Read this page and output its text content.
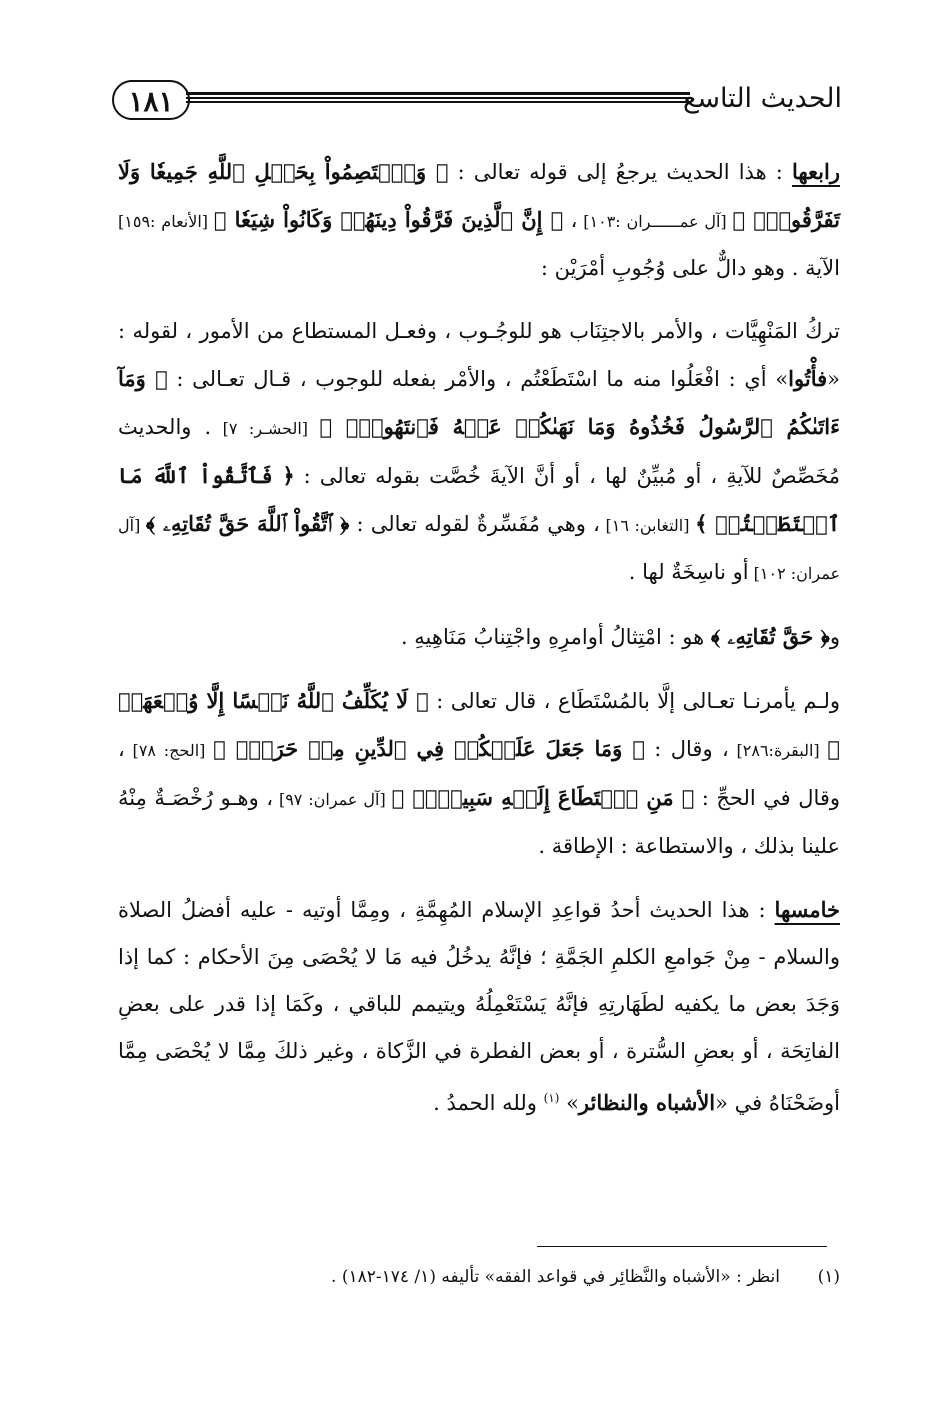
١٨١	الحديث التاسع

رابعها : هذا الحديث يرجعُ إلى قوله تعالى : ﴿ وَٱعۡتَصِمُواْ بِحَبۡلِ ٱللَّهِ جَمِيعٗا وَلَا تَفَرَّقُواْۚ ﴾ [آل عمــــــران :١٠٣] ، ﴿ إِنَّ ٱلَّذِينَ فَرَّقُواْ دِينَهُمۡ وَكَانُواْ شِيَعٗا ﴾ [الأنعام :١٥٩] الآية . وهو دالٌّ على وُجُوبِ أمْرَيْن :

تركُ المَنْهِيَّات ، والأمر بالاجتِنَاب هو للوجُـوب ، وفعـل المستطاع من الأمور ، لقوله : «فأْتُوا» أي : افْعَلُوا منه ما اسْتَطَعْتُم ، والأمْر بفعله للوجوب ، قـال تعـالى : ﴿ وَمَآ ءَاتَىٰكُمُ ٱلرَّسُولُ فَخُذُوهُ وَمَا نَهَىٰكُمۡ عَنۡهُ فَٱنتَهُواْۚ ﴾ [الحشـر: ٧] . والحديث مُخَصِّصٌ للآيةِ ، أو مُبيِّنٌ لها ، أو أنَّ الآيةَ خُصَّت بقوله تعالى : ﴿ فَٱتَّقُواْ ٱللَّهَ مَا ٱسۡتَطَعۡتُمۡ ﴾ [التغابن: ١٦] ، وهي مُفَسِّرةٌ لقوله تعالى : ﴿ ٱتَّقُواْ ٱللَّهَ حَقَّ تُقَاتِهِۦ ﴾ [آل عمران: ١٠٢] أو ناسِخَةٌ لها .

و﴿ حَقَّ تُقَاتِهِۦ ﴾ هو : امْتِثالُ أوامرِهِ واجْتِنابُ مَنَاهِيهِ .

ولـم يأمرنـا تعـالى إلَّا بالمُسْتَطَاع ، قال تعالى : ﴿ لَا يُكَلِّفُ ٱللَّهُ نَفۡسًا إِلَّا وُسۡعَهَاۚ ﴾ [البقرة:٢٨٦] ، وقال : ﴿ وَمَا جَعَلَ عَلَيۡكُمۡ فِي ٱلدِّينِ مِنۡ حَرَجٖۚ ﴾ [الحج: ٧٨] ، وقال في الحجِّ : ﴿ مَنِ ٱسۡتَطَاعَ إِلَيۡهِ سَبِيلٗاۚ ﴾ [آل عمران: ٩٧] ، وهـو رُخْصَـةٌ مِنْهُ علينا بذلك ، والاستطاعة : الإطاقة .

خامسها : هذا الحديث أحدُ قواعِدِ الإسلام المُهِمَّةِ ، ومِمَّا أوتيه - عليه أفضلُ الصلاة والسلام - مِنْ جَوامعِ الكلمِ الجَمَّةِ ؛ فإنَّهُ يدخُلُ فيه مَا لا يُحْصَى مِنَ الأحكام : كما إذا وَجَدَ بعض ما يكفيه لطَهَارتِهِ فإنَّهُ يَسْتَعْمِلُهُ ويتيمم للباقي ، وكَمَا إذا قدر على بعضِ الفاتِحَة ، أو بعضِ السُّترة ، أو بعض الفطرة في الزَّكاة ، وغير ذلكَ مِمَّا لا يُحْصَى مِمَّا أوضَحْنَاهُ في «الأشباه والنظائر» $^{(١)}$ ولله الحمدُ .

(١)انظر : «الأشباه والنَّظائِر في قواعد الفقه» تأليفه (١/ ١٧٤-١٨٢) .
